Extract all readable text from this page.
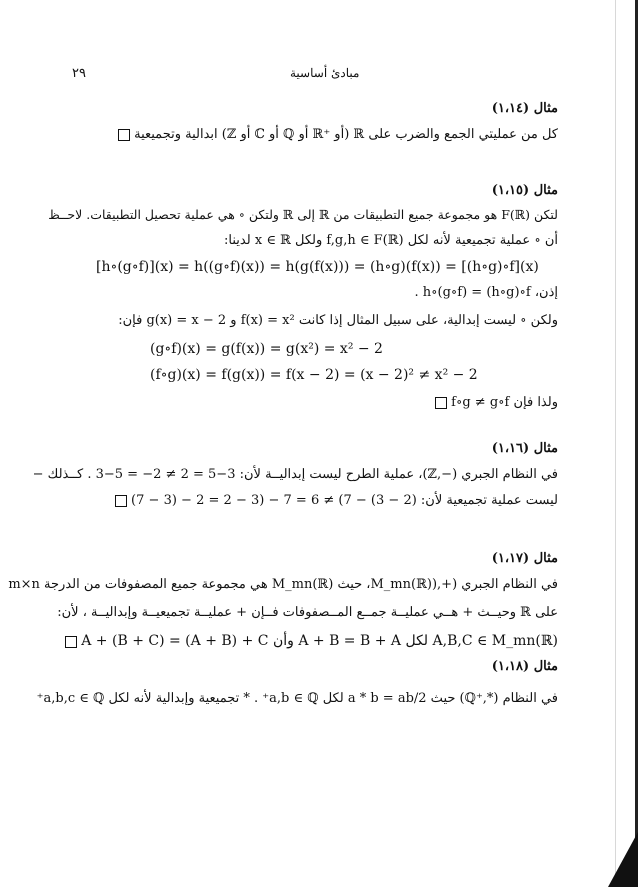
٢٩	مبادئ أساسية
مثال (١،١٤)
كل من عمليتي الجمع والضرب على ℝ (أو ⁺ℝ أو ℚ أو ℂ أو ℤ) ابدالية وتجميعية
مثال (١،١٥)
لتكن (F(ℝ هو مجموعة جميع التطبيقات من ℝ إلى ℝ ولتكن ∘ هي عملية تحصيل التطبيقات. لاحــظ
أن ∘ عملية تجميعية لأنه لكل f,g,h ∈ F(ℝ) ولكل x ∈ ℝ لدينا:
[h∘(g∘f)](x) = h((g∘f)(x)) = h(g(f(x))) = (h∘g)(f(x)) = [(h∘g)∘f](x)
إذن، h∘(g∘f) = (h∘g)∘f .
ولكن ∘ ليست إبدالية، على سبيل المثال إذا كانت f(x) = x² و g(x) = x − 2 فإن:
(g∘f)(x) = g(f(x)) = g(x²) = x² − 2
(f∘g)(x) = f(g(x)) = f(x − 2) = (x − 2)² ≠ x² − 2
ولذا فإن f∘g ≠ g∘f
مثال (١،١٦)
في النظام الجبري (−,ℤ)، عملية الطرح ليست إبداليــة لأن: 3−5 = 2 ≠ 2− = 5−3 . كــذلك −
ليست عملية تجميعية لأن: (2 − 3) − 7) ≠ 6 = 7 − (3 − 2 = 2 − (3 − 7)
مثال (١،١٧)
في النظام الجبري (+,(M_mn(ℝ)، حيث (M_mn(ℝ هي مجموعة جميع المصفوفات من الدرجة m×n
على ℝ وحيــث + هــي عمليــة جمــع المــصفوفات فــإن + عمليــة تجميعيــة وإبداليــة ، لأن:
A + (B + C) = (A + B) + C وأن A + B = B + A لكل A,B,C ∈ M_mn(ℝ)
مثال (١،١٨)
في النظام (*,⁺ℚ) حيث a * b = ab/2 لكل a,b ∈ ℚ⁺ . * تجميعية وإبدالية لأنه لكل a,b,c ∈ ℚ⁺
